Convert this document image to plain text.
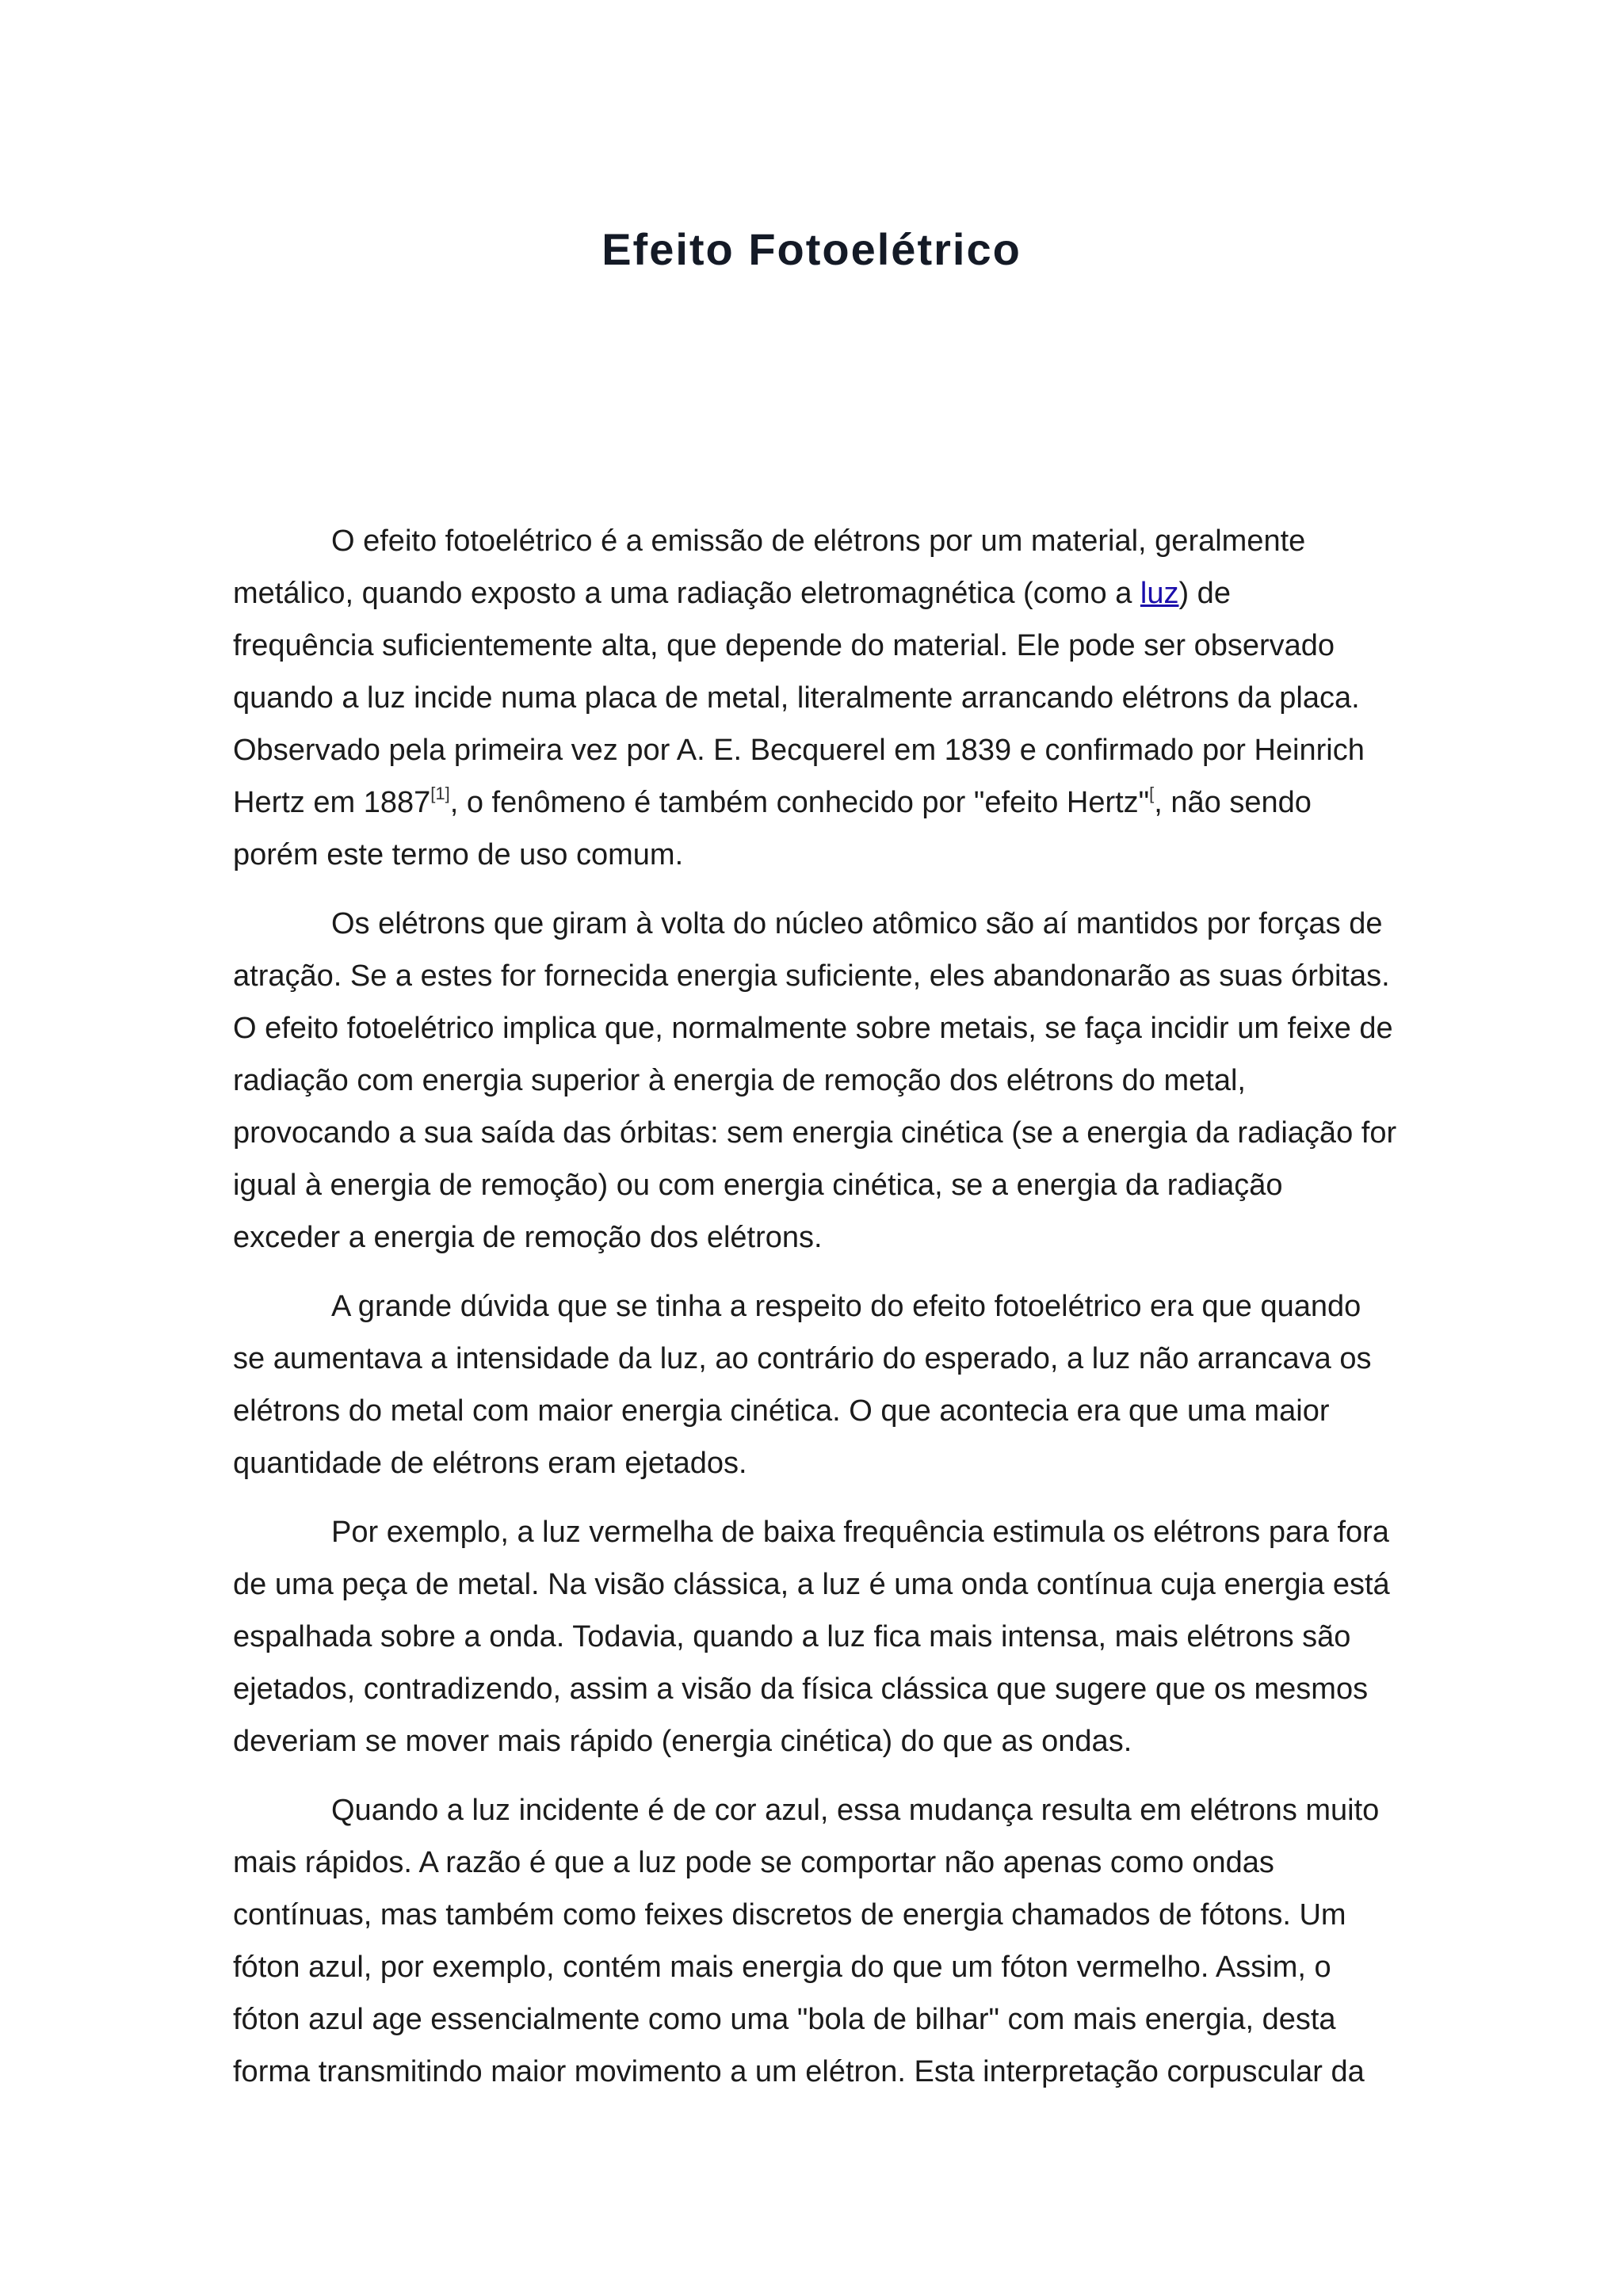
Efeito Fotoelétrico
O efeito fotoelétrico é a emissão de elétrons por um material, geralmente
metálico, quando exposto a uma radiação eletromagnética (como a luz) de
frequência suficientemente alta, que depende do material. Ele pode ser observado
quando a luz incide numa placa de metal, literalmente arrancando elétrons da placa.
Observado pela primeira vez por A. E. Becquerel em 1839 e confirmado por Heinrich
Hertz em 1887[1], o fenômeno é também conhecido por "efeito Hertz"[, não sendo
porém este termo de uso comum.
Os elétrons que giram à volta do núcleo atômico são aí mantidos por forças de
atração. Se a estes for fornecida energia suficiente, eles abandonarão as suas órbitas.
O efeito fotoelétrico implica que, normalmente sobre metais, se faça incidir um feixe de
radiação com energia superior à energia de remoção dos elétrons do metal,
provocando a sua saída das órbitas: sem energia cinética (se a energia da radiação for
igual à energia de remoção) ou com energia cinética, se a energia da radiação
exceder a energia de remoção dos elétrons.
A grande dúvida que se tinha a respeito do efeito fotoelétrico era que quando
se aumentava a intensidade da luz, ao contrário do esperado, a luz não arrancava os
elétrons do metal com maior energia cinética. O que acontecia era que uma maior
quantidade de elétrons eram ejetados.
Por exemplo, a luz vermelha de baixa frequência estimula os elétrons para fora
de uma peça de metal. Na visão clássica, a luz é uma onda contínua cuja energia está
espalhada sobre a onda. Todavia, quando a luz fica mais intensa, mais elétrons são
ejetados, contradizendo, assim a visão da física clássica que sugere que os mesmos
deveriam se mover mais rápido (energia cinética) do que as ondas.
Quando a luz incidente é de cor azul, essa mudança resulta em elétrons muito
mais rápidos. A razão é que a luz pode se comportar não apenas como ondas
contínuas, mas também como feixes discretos de energia chamados de fótons. Um
fóton azul, por exemplo, contém mais energia do que um fóton vermelho. Assim, o
fóton azul age essencialmente como uma "bola de bilhar" com mais energia, desta
forma transmitindo maior movimento a um elétron. Esta interpretação corpuscular da
